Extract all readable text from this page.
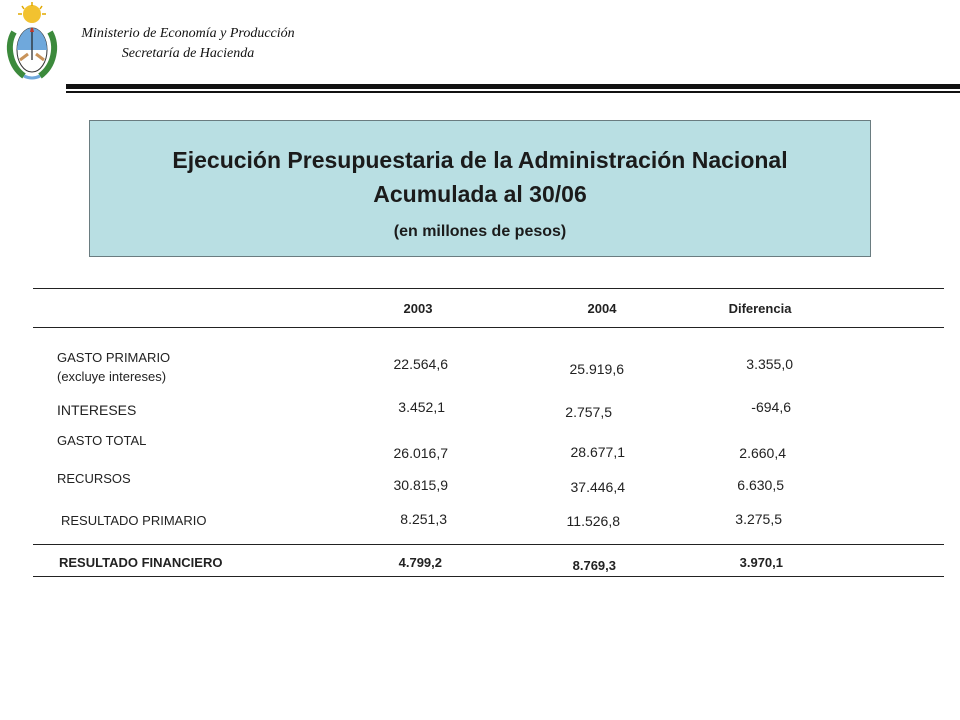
Ministerio de Economía y Producción
Secretaría de Hacienda
Ejecución Presupuestaria de la Administración Nacional
Acumulada al 30/06
(en millones de pesos)
2003	2004	Diferencia
GASTO PRIMARIO
(excluye intereses)
22.564,6	25.919,6	3.355,0
INTERESES	3.452,1	2.757,5	-694,6
GASTO TOTAL
26.016,7	28.677,1	2.660,4
RECURSOS	30.815,9	37.446,4	6.630,5
RESULTADO PRIMARIO	8.251,3	11.526,8	3.275,5
RESULTADO FINANCIERO	4.799,2	8.769,3	3.970,1
